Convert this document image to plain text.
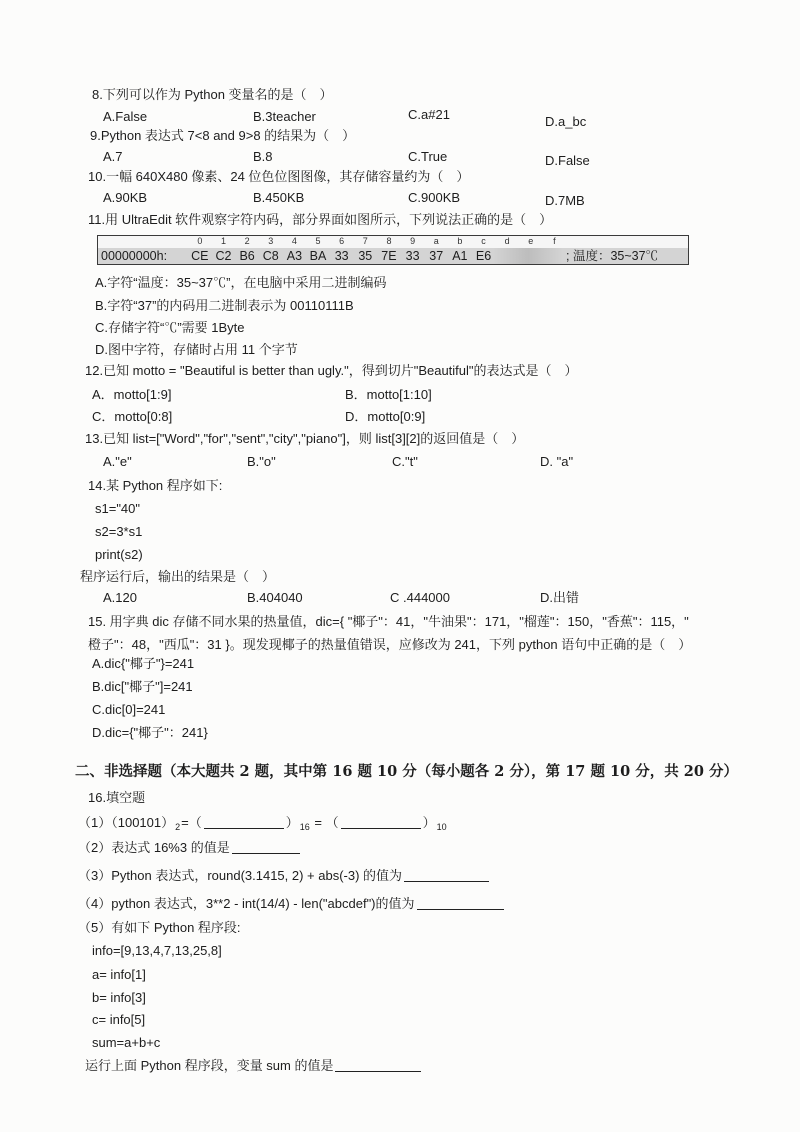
8.下列可以作为 Python 变量名的是（　）
A.False	B.3teacher	C.a#21	D.a_bc
9.Python 表达式 7<8 and 9>8 的结果为（　）
A.7	B.8	C.True	D.False
10.一幅 640X480 像素、24 位色位图图像，其存储容量约为（　）
A.90KB	B.450KB	C.900KB	D.7MB
11.用 UltraEdit 软件观察字符内码，部分界面如图所示，下列说法正确的是（　）
0	1	2	3	4	5	6	7	8	9	a	b	c	d	e	f
00000000h: CE C2 B6 C8 A3 BA 33 35 7E 33 37 A1 E6	; 温度：35~37℃
A.字符“温度：35~37℃”，在电脑中采用二进制编码
B.字符“37”的内码用二进制表示为 00110111B
C.存储字符“℃”需要 1Byte
D.图中字符，存储时占用 11 个字节
12.已知 motto = "Beautiful is better than ugly."，得到切片"Beautiful"的表达式是（　）
A．motto[1:9]	B．motto[1:10]
C．motto[0:8]	D．motto[0:9]
13.已知 list=["Word","for","sent","city","piano"]，则 list[3][2]的返回值是（　）
A."e"	B."o"	C."t"	D. "a"
14.某 Python 程序如下:
s1="40"
s2=3*s1
print(s2)
程序运行后，输出的结果是（　）
A.120	B.404040	C .444000	D.出错
15. 用字典 dic 存储不同水果的热量值，dic={ "椰子"：41，"牛油果"：171，"榴莲"：150，"香蕉"：115，"
橙子"：48，"西瓜"：31 }。现发现椰子的热量值错误，应修改为 241，下列 python 语句中正确的是（　）
A.dic{"椰子"}=241
B.dic["椰子"]=241
C.dic[0]=241
D.dic={"椰子"：241}
二、非选择题（本大题共 2 题，其中第 16 题 10 分（每小题各 2 分），第 17 题 10 分，共 20 分）
16.填空题
$(1)(100101)_2=$（	）$_{16}$ = （	）$_{10}$
（2）表达式 16%3 的值是
（3）Python 表达式，round(3.1415, 2) + abs(-3) 的值为
（4）python 表达式，3**2 - int(14/4) - len("abcdef")的值为
（5）有如下 Python 程序段:
info=[9,13,4,7,13,25,8]
a= info[1]
b= info[3]
c= info[5]
sum=a+b+c
运行上面 Python 程序段，变量 sum 的值是
